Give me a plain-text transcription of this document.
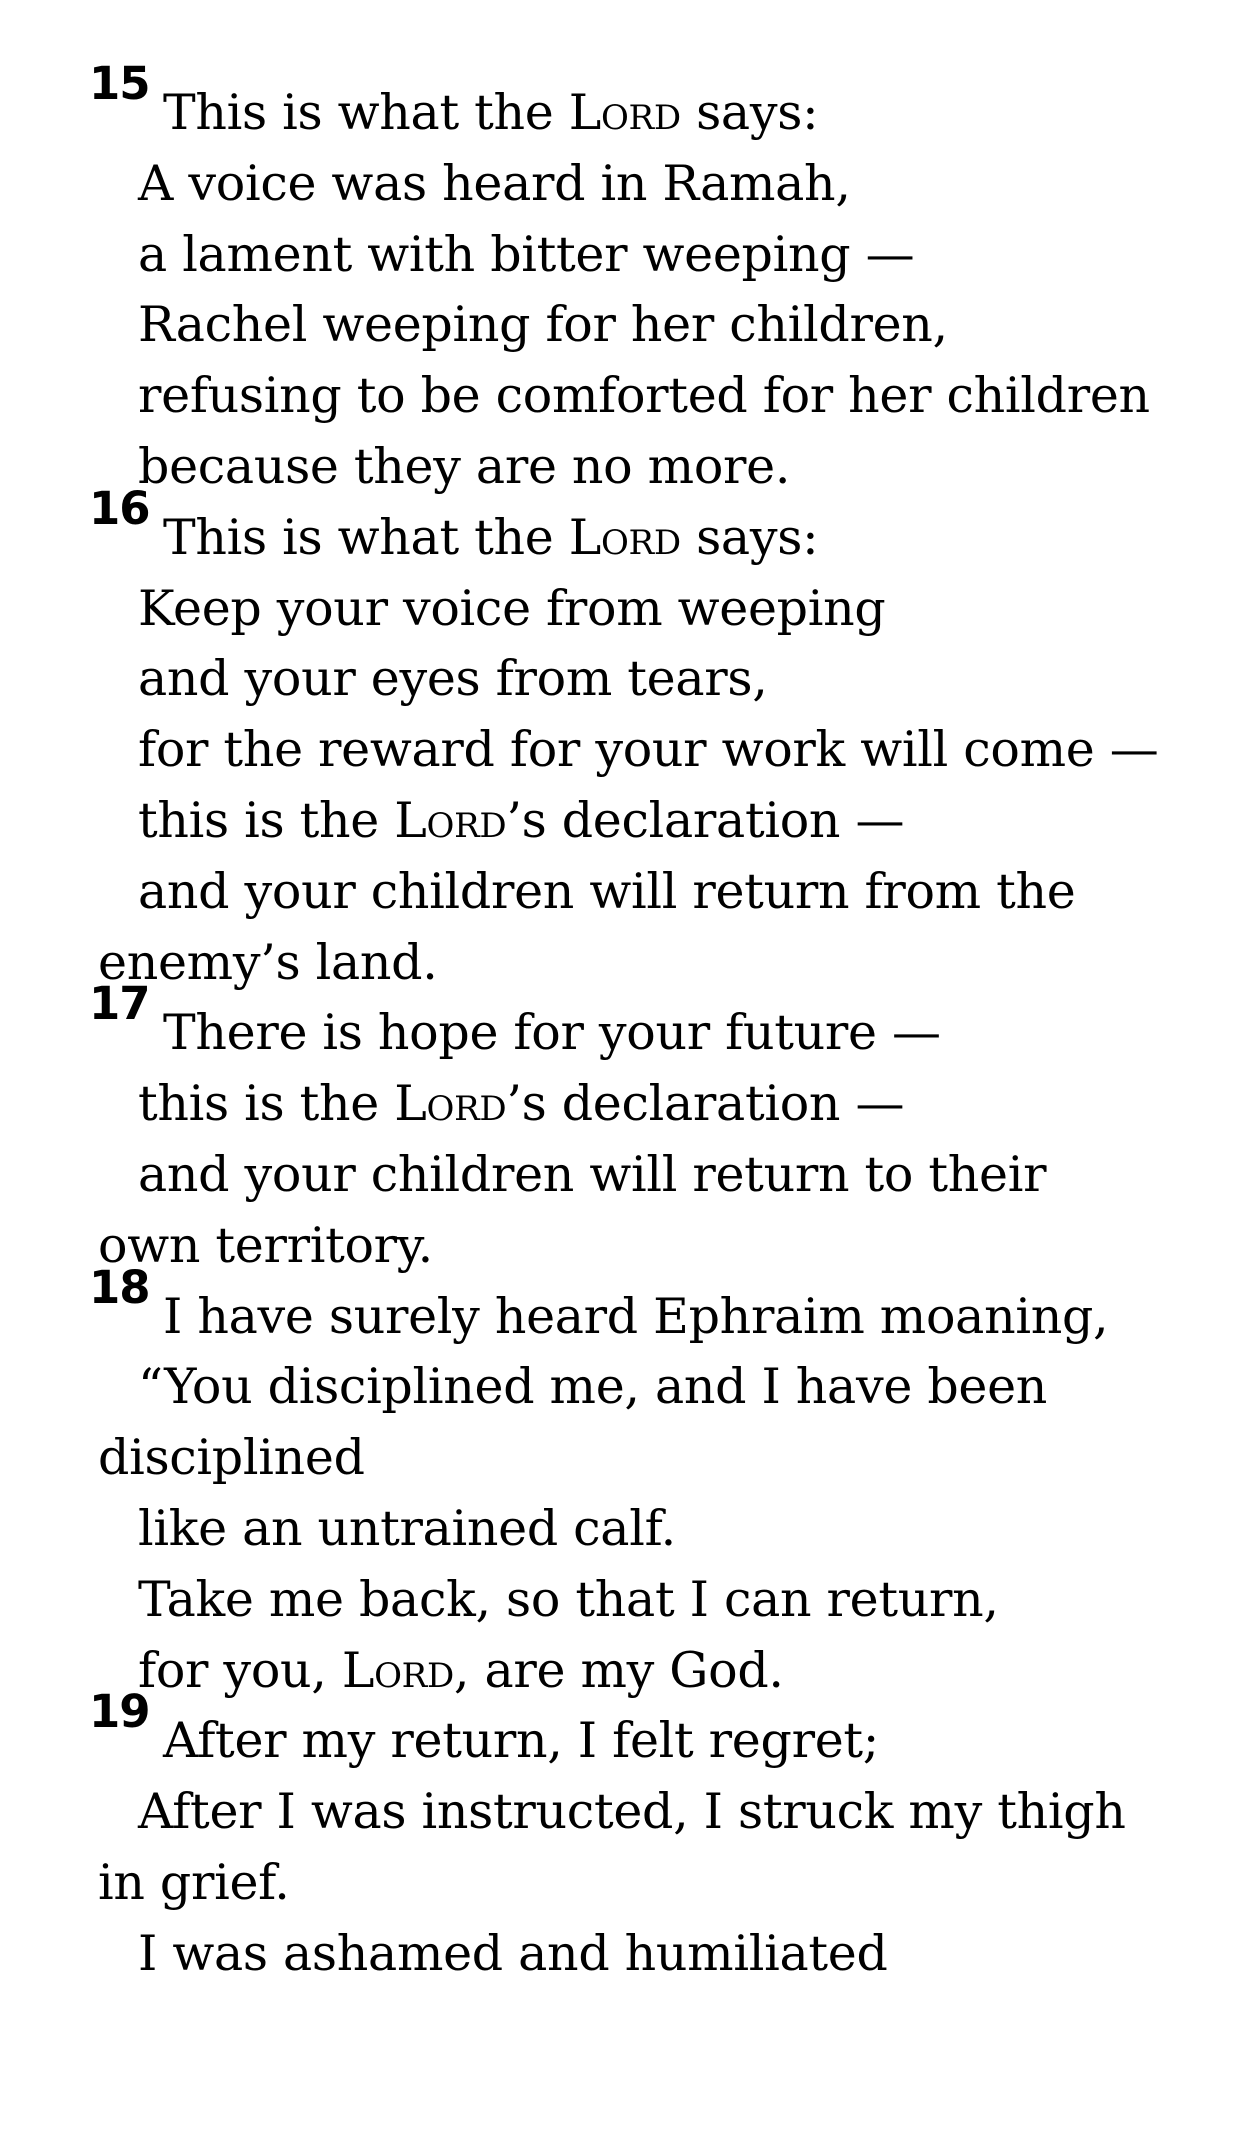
15
This is what the Lord says:
A voice was heard in Ramah,
a lament with bitter weeping —
Rachel weeping for her children,
refusing to be comforted for her children
because they are no more.
16
This is what the Lord says:
Keep your voice from weeping
and your eyes from tears,
for the reward for your work will come —
this is the Lord’s declaration —
and your children will return from the
enemy’s land.
17
There is hope for your future —
this is the Lord’s declaration —
and your children will return to their
own territory.
18
I have surely heard Ephraim moaning,
“You disciplined me, and I have been
disciplined
like an untrained calf.
Take me back, so that I can return,
for you, Lord, are my God.
19
After my return, I felt regret;
After I was instructed, I struck my thigh
in grief.
I was ashamed and humiliated
